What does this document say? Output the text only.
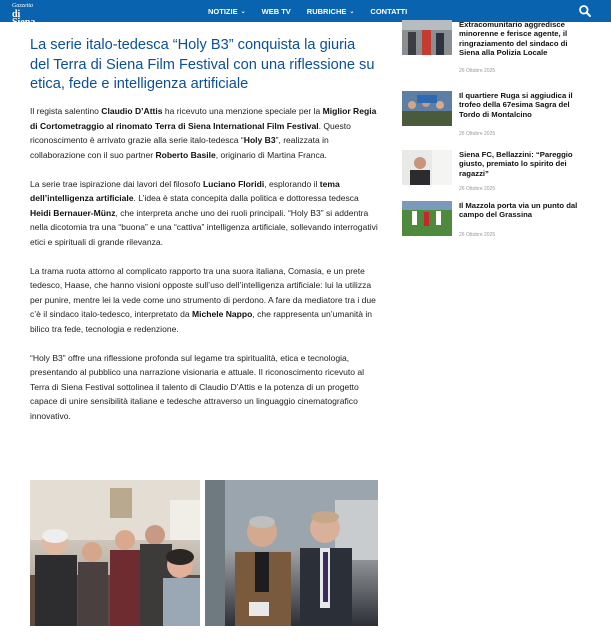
Gazzetta
di Siena
NOTIZIE ⌄ WEB TV RUBRICHE ⌄ CONTATTI
La serie italo-tedesca “Holy B3” conquista la giuria del Terra di Siena Film Festival con una riflessione su etica, fede e intelligenza artificiale

Il regista salentino Claudio D’Attis ha ricevuto una menzione speciale per la Miglior Regia di Cortometraggio al rinomato Terra di Siena International Film Festival. Questo riconoscimento è arrivato grazie alla serie italo-tedesca “Holy B3”, realizzata in collaborazione con il suo partner Roberto Basile, originario di Martina Franca.

La serie trae ispirazione dai lavori del filosofo Luciano Floridi, esplorando il tema dell’intelligenza artificiale. L’idea è stata concepita dalla politica e dottoressa tedesca Heidi Bernauer-Münz, che interpreta anche uno dei ruoli principali. “Holy B3” si addentra nella dicotomia tra una “buona” e una “cattiva” intelligenza artificiale, sollevando interrogativi etici e spirituali di grande rilevanza.

La trama ruota attorno al complicato rapporto tra una suora italiana, Comasia, e un prete tedesco, Haase, che hanno visioni opposte sull’uso dell’intelligenza artificiale: lui la utilizza per punire, mentre lei la vede come uno strumento di perdono. A fare da mediatore tra i due c’è il sindaco italo-tedesco, interpretato da Michele Nappo, che rappresenta un’umanità in bilico tra fede, tecnologia e redenzione.

“Holy B3” offre una riflessione profonda sul legame tra spiritualità, etica e tecnologia, presentando al pubblico una narrazione visionaria e attuale. Il riconoscimento ricevuto al Terra di Siena Festival sottolinea il talento di Claudio D’Attis e la potenza di un progetto capace di unire sensibilità italiane e tedesche attraverso un linguaggio cinematografico innovativo.

Extracomunitario aggredisce minorenne e ferisce agente, il ringraziamento del sindaco di Siena alla Polizia Locale
26 Ottobre 2025
Il quartiere Ruga si aggiudica il trofeo della 67esima Sagra del Tordo di Montalcino
26 Ottobre 2025
Siena FC, Bellazzini: “Pareggio giusto, premiato lo spirito dei ragazzi”
26 Ottobre 2025
Il Mazzola porta via un punto dal campo del Grassina
26 Ottobre 2025
